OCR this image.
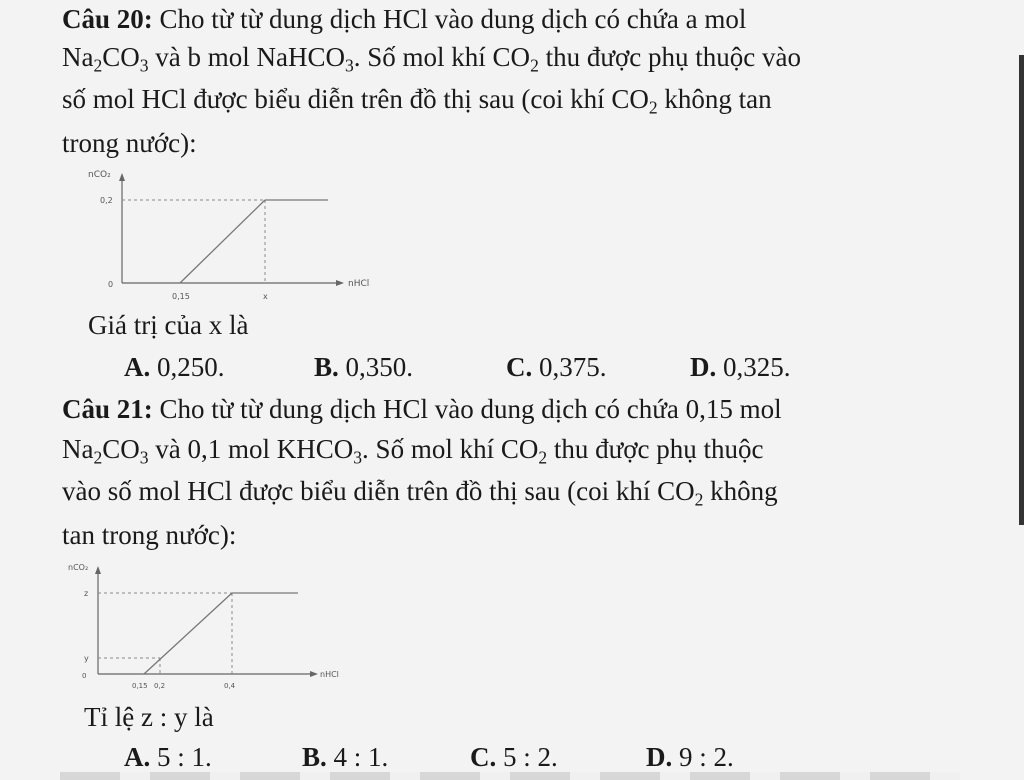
Câu 20: Cho từ từ dung dịch HCl vào dung dịch có chứa a mol
$Na_2CO_3$ và b mol NaHCO$_3$. Số mol khí $CO_2$ thu được phụ thuộc vào
số mol HCl được biểu diễn trên đồ thị sau (coi khí $CO_2$ không tan
trong nước):
nCO₂
nHCl
0
0,2
0,15	x
Giá trị của x là
A. 0,250.	B. 0,350.	C. 0,375.	D. 0,325.
Câu 21: Cho từ từ dung dịch HCl vào dung dịch có chứa 0,15 mol
$Na_2CO_3$ và 0,1 mol $KHCO_3$. Số mol khí $CO_2$ thu được phụ thuộc
vào số mol HCl được biểu diễn trên đồ thị sau (coi khí $CO_2$ không
tan trong nước):
nCO₂
nHCl
0
z
y
0,15 0,2	0,4
Tỉ lệ z : y là
A. 5 : 1.	B. 4 : 1.	C. 5 : 2.	D. 9 : 2.
